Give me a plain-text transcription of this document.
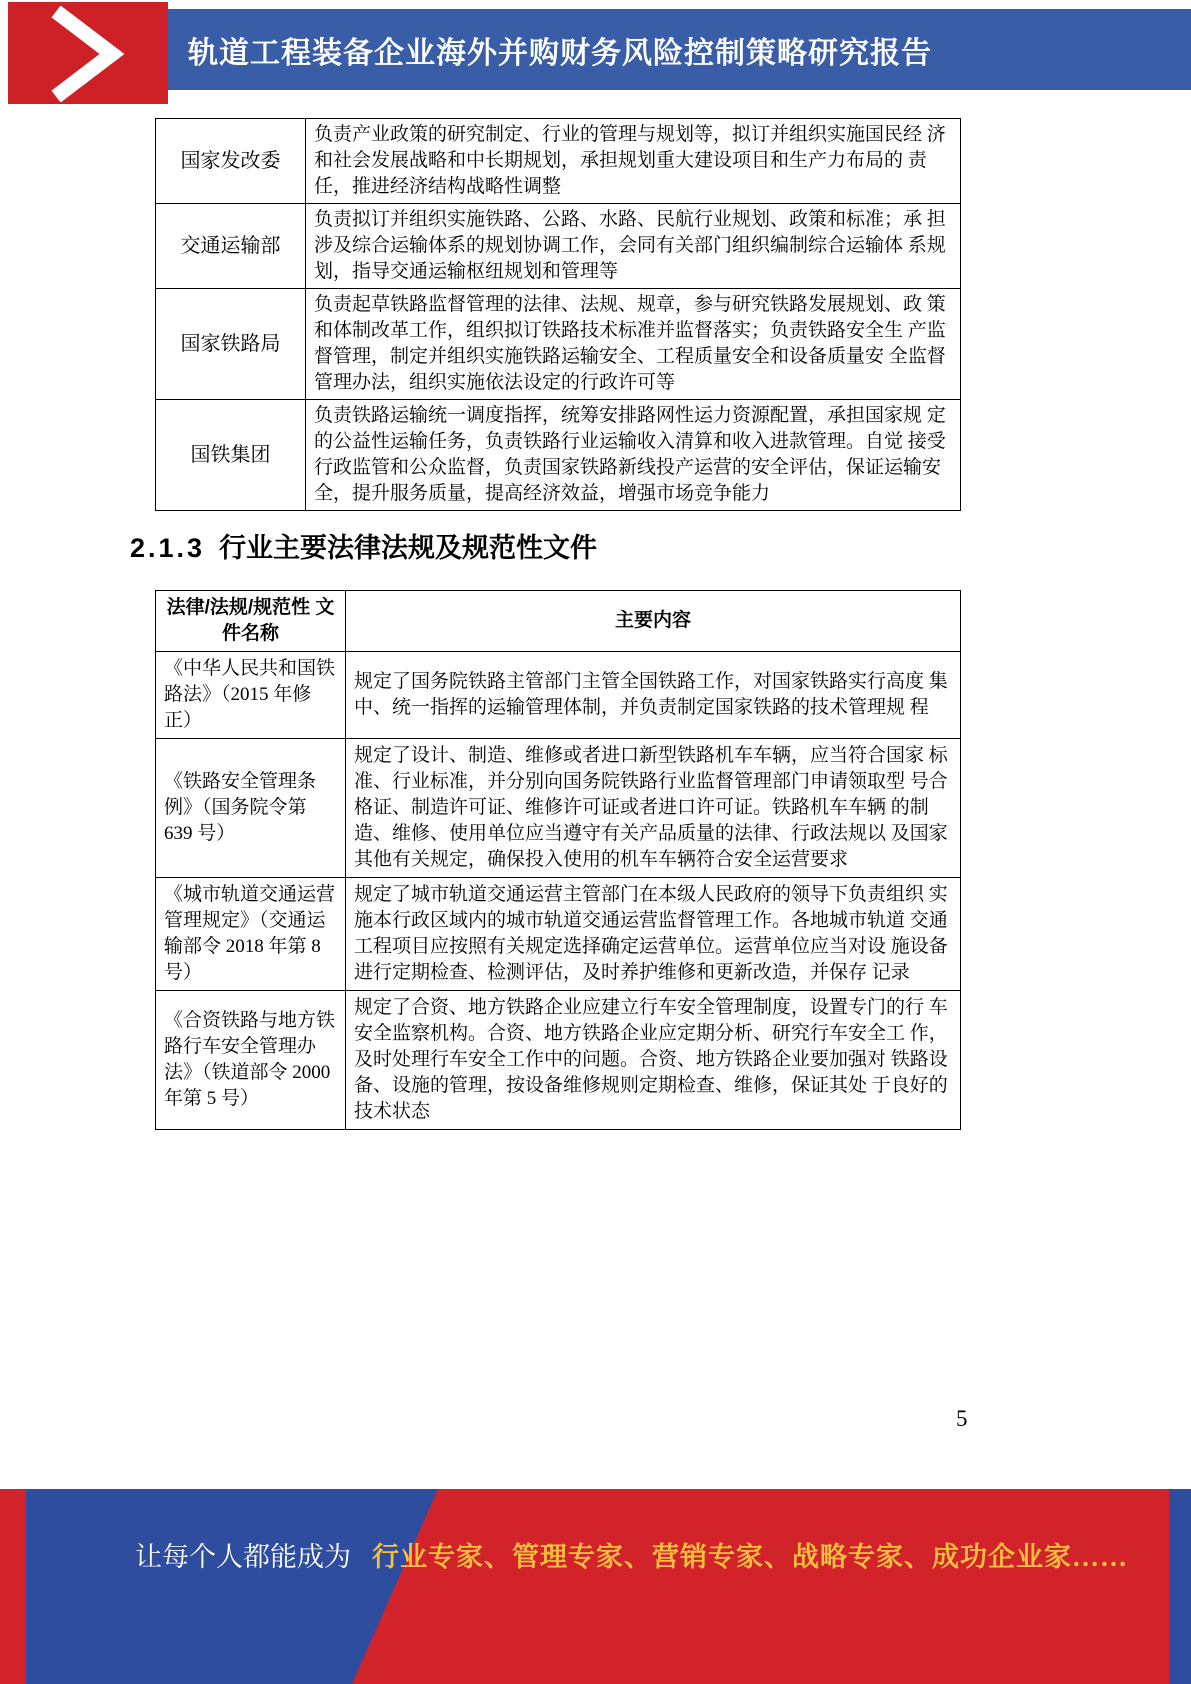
轨道工程装备企业海外并购财务风险控制策略研究报告
国家发改委	负责产业政策的研究制定、行业的管理与规划等，拟订并组织实施国民经 济和社会发展战略和中长期规划，承担规划重大建设项目和生产力布局的 责任，推进经济结构战略性调整
交通运输部	负责拟订并组织实施铁路、公路、水路、民航行业规划、政策和标准；承 担涉及综合运输体系的规划协调工作，会同有关部门组织编制综合运输体 系规划，指导交通运输枢纽规划和管理等
国家铁路局	负责起草铁路监督管理的法律、法规、规章，参与研究铁路发展规划、政 策和体制改革工作，组织拟订铁路技术标准并监督落实；负责铁路安全生 产监督管理，制定并组织实施铁路运输安全、工程质量安全和设备质量安 全监督管理办法，组织实施依法设定的行政许可等
国铁集团	负责铁路运输统一调度指挥，统筹安排路网性运力资源配置，承担国家规 定的公益性运输任务，负责铁路行业运输收入清算和收入进款管理。自觉 接受行政监管和公众监督，负责国家铁路新线投产运营的安全评估，保证运输安全，提升服务质量，提高经济效益，增强市场竞争能力
2.1.3 行业主要法律法规及规范性文件
法律/法规/规范性 文件名称	主要内容
《中华人民共和国铁路法》（2015 年修正）	规定了国务院铁路主管部门主管全国铁路工作，对国家铁路实行高度 集中、统一指挥的运输管理体制，并负责制定国家铁路的技术管理规 程
《铁路安全管理条例》（国务院令第 639 号）	规定了设计、制造、维修或者进口新型铁路机车车辆，应当符合国家 标准、行业标准，并分别向国务院铁路行业监督管理部门申请领取型 号合格证、制造许可证、维修许可证或者进口许可证。铁路机车车辆 的制造、维修、使用单位应当遵守有关产品质量的法律、行政法规以 及国家其他有关规定，确保投入使用的机车车辆符合安全运营要求
《城市轨道交通运营管理规定》（交通运输部令 2018 年第 8 号）	规定了城市轨道交通运营主管部门在本级人民政府的领导下负责组织 实施本行政区域内的城市轨道交通运营监督管理工作。各地城市轨道 交通工程项目应按照有关规定选择确定运营单位。运营单位应当对设 施设备进行定期检查、检测评估，及时养护维修和更新改造，并保存 记录
《合资铁路与地方铁路行车安全管理办法》（铁道部令 2000 年第 5 号）	规定了合资、地方铁路企业应建立行车安全管理制度，设置专门的行 车安全监察机构。合资、地方铁路企业应定期分析、研究行车安全工 作，及时处理行车安全工作中的问题。合资、地方铁路企业要加强对 铁路设备、设施的管理，按设备维修规则定期检查、维修，保证其处 于良好的技术状态
5
让每个人都能成为 行业专家、管理专家、营销专家、战略专家、成功企业家……
